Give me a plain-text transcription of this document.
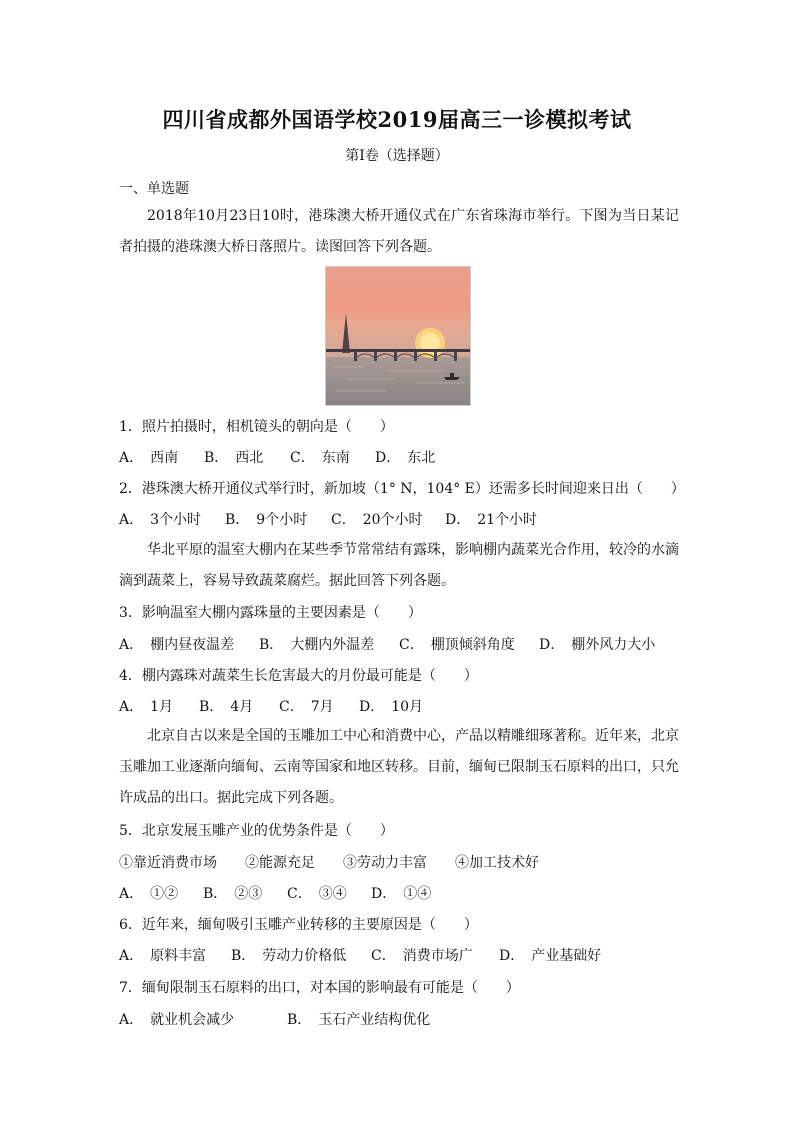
四川省成都外国语学校2019届高三一诊模拟考试
第I卷（选择题）
一、单选题
2018年10月23日10时，港珠澳大桥开通仪式在广东省珠海市举行。下图为当日某记者拍摄的港珠澳大桥日落照片。读图回答下列各题。
1．照片拍摄时，相机镜头的朝向是（　　）
A．　西南 B．　西北 C．　东南 D．　东北
2．港珠澳大桥开通仪式举行时，新加坡（1° N，104° E）还需多长时间迎来日出（　　）
A．　3个小时 B．　9个小时 C．　20个小时 D．　21个小时
华北平原的温室大棚内在某些季节常常结有露珠，影响棚内蔬菜光合作用，较冷的水滴滴到蔬菜上，容易导致蔬菜腐烂。据此回答下列各题。
3．影响温室大棚内露珠量的主要因素是（　　）
A．　棚内昼夜温差 B．　大棚内外温差 C．　棚顶倾斜角度 D．　棚外风力大小
4．棚内露珠对蔬菜生长危害最大的月份最可能是（　　）
A．　1月 B．　4月 C．　7月 D．　10月
北京自古以来是全国的玉雕加工中心和消费中心，产品以精雕细琢著称。近年来，北京玉雕加工业逐渐向缅甸、云南等国家和地区转移。目前，缅甸已限制玉石原料的出口，只允许成品的出口。据此完成下列各题。
5．北京发展玉雕产业的优势条件是（　　）
①靠近消费市场　　②能源充足　　③劳动力丰富　　④加工技术好
A．　①② B．　②③ C．　③④ D．　①④
6．近年来，缅甸吸引玉雕产业转移的主要原因是（　　）
A．　原料丰富 B．　劳动力价格低 C．　消费市场广 D．　产业基础好
7．缅甸限制玉石原料的出口，对本国的影响最有可能是（　　）
A．　就业机会减少	B．　玉石产业结构优化
